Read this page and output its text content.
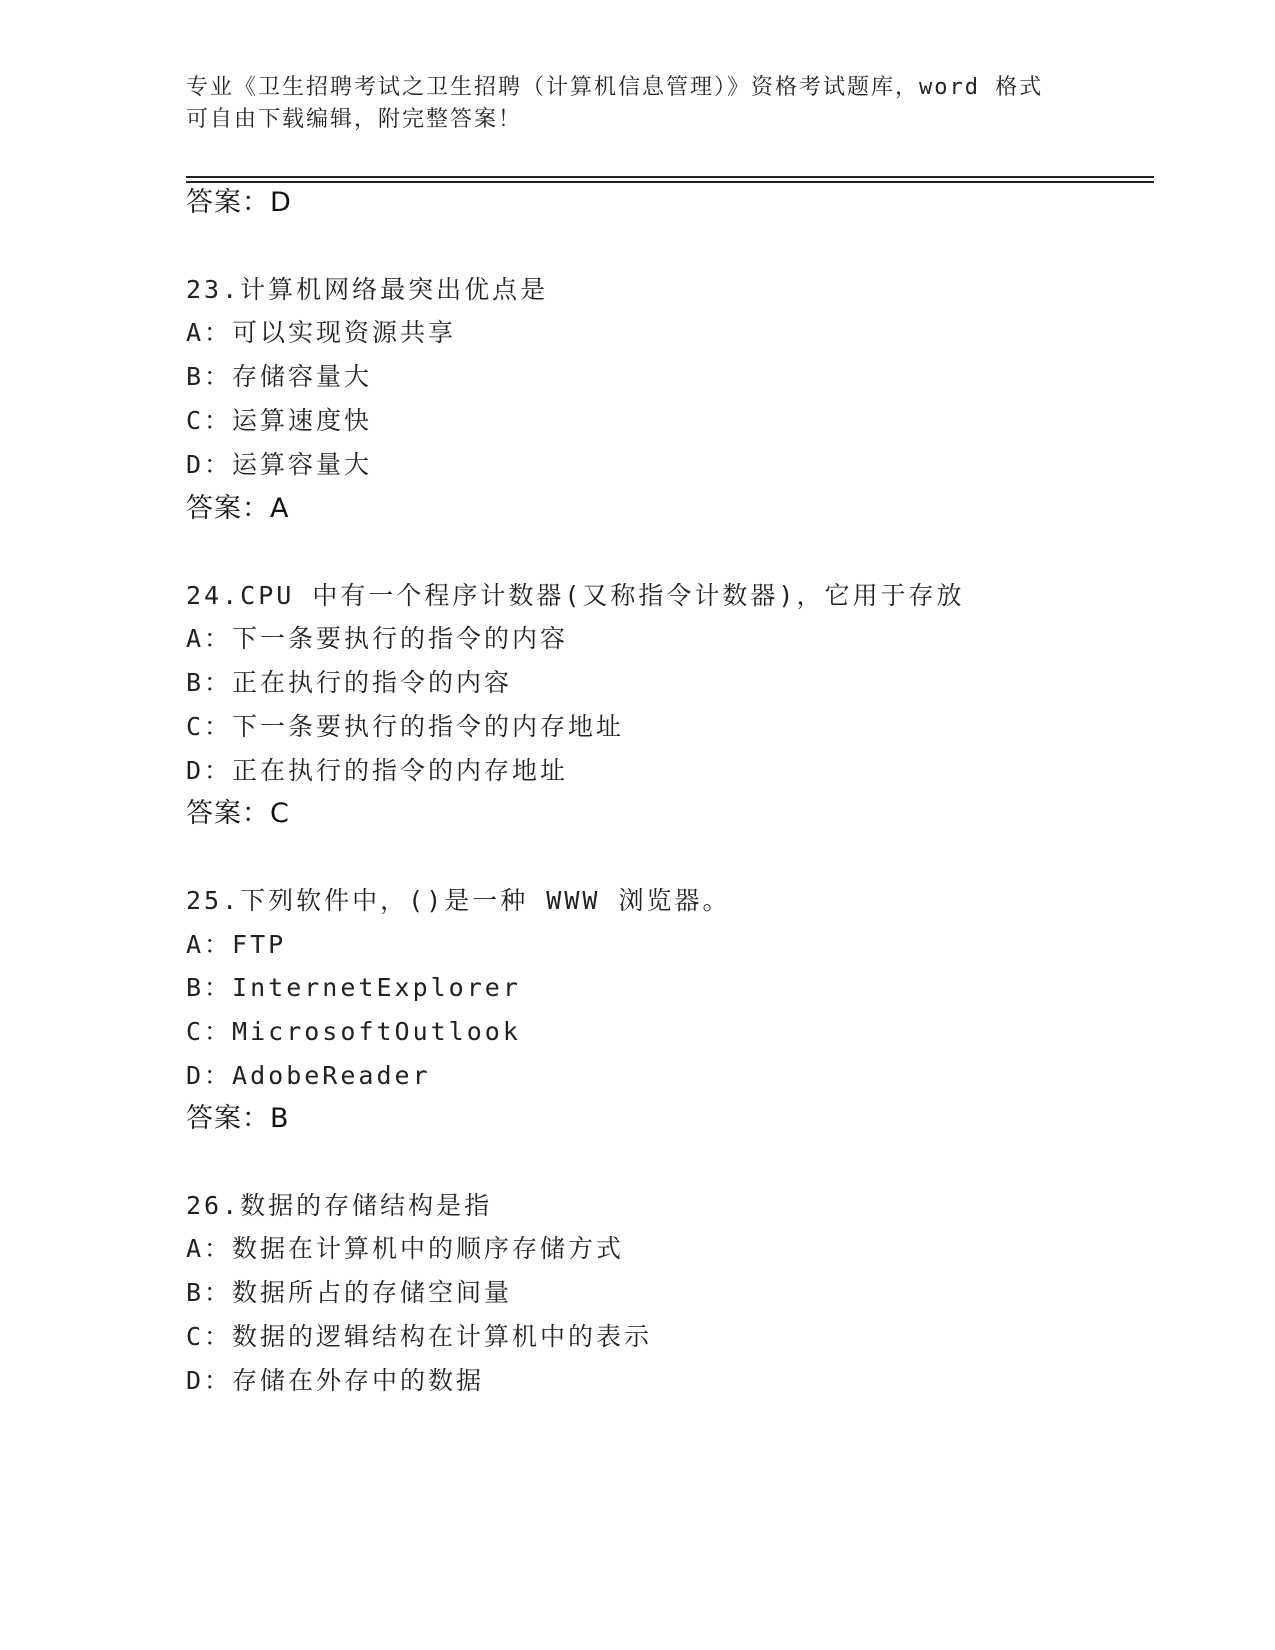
专业《卫生招聘考试之卫生招聘（计算机信息管理）》资格考试题库，word 格式
可自由下载编辑，附完整答案！
答案：D
23.计算机网络最突出优点是
A：可以实现资源共享
B：存储容量大
C：运算速度快
D：运算容量大
答案：A
24.CPU 中有一个程序计数器(又称指令计数器)，它用于存放
A：下一条要执行的指令的内容
B：正在执行的指令的内容
C：下一条要执行的指令的内存地址
D：正在执行的指令的内存地址
答案：C
25.下列软件中，()是一种 WWW 浏览器。
A：FTP
B：InternetExplorer
C：MicrosoftOutlook
D：AdobeReader
答案：B
26.数据的存储结构是指
A：数据在计算机中的顺序存储方式
B：数据所占的存储空间量
C：数据的逻辑结构在计算机中的表示
D：存储在外存中的数据
